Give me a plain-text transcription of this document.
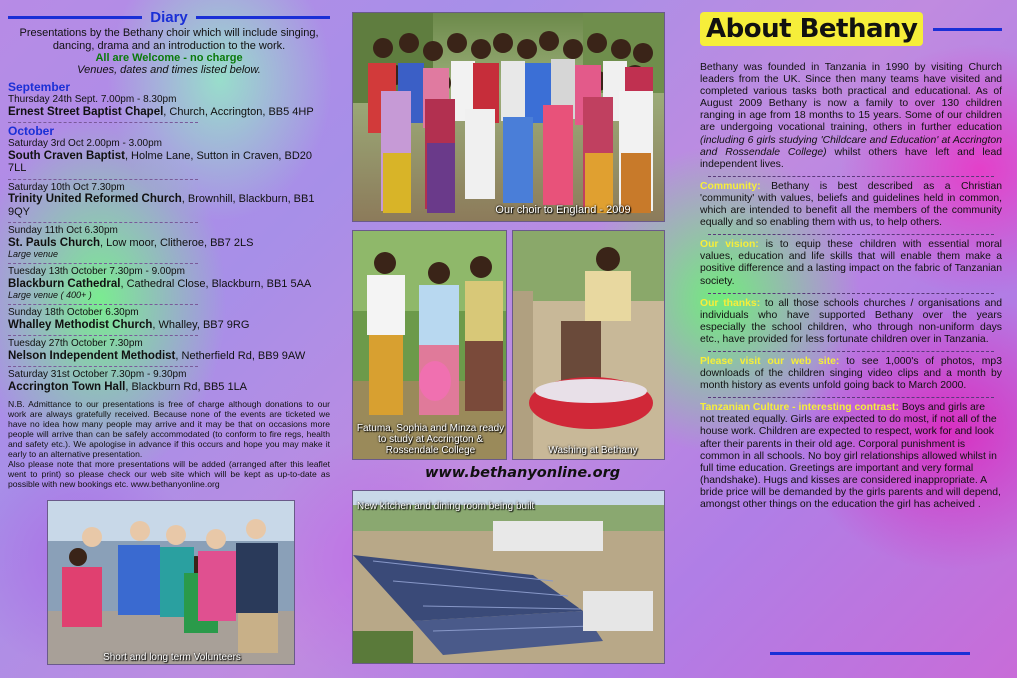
Diary
Presentations by the Bethany choir which will include singing, dancing, drama and an introduction to the work.
All are Welcome - no charge
Venues, dates and times listed below.
September
Thursday 24th Sept. 7.00pm - 8.30pm
Ernest Street Baptist Chapel, Church, Accrington, BB5 4HP
October
Saturday 3rd Oct 2.00pm - 3.00pm
South Craven Baptist, Holme Lane, Sutton in Craven, BD20 7LL
Saturday 10th Oct 7.30pm
Trinity United Reformed Church, Brownhill, Blackburn, BB1 9QY
Sunday 11th Oct 6.30pm
St. Pauls Church, Low moor, Clitheroe, BB7 2LS
Large venue
Tuesday 13th October 7.30pm - 9.00pm
Blackburn Cathedral, Cathedral Close, Blackburn, BB1 5AA
Large venue ( 400+ )
Sunday 18th October 6.30pm
Whalley Methodist Church, Whalley, BB7 9RG
Tuesday 27th October 7.30pm
Nelson Independent Methodist, Netherfield Rd, BB9 9AW
Saturday 31st October 7.30pm - 9.30pm
Accrington Town Hall, Blackburn Rd, BB5 1LA
N.B. Admittance to our presentations is free of charge although donations to our work are always gratefully received. Because none of the events are ticketed we have no idea how many people may arrive and it may be that on occasions more people will arrive than can be safely accommodated (to conform to fire regs, health and safety etc.). We apologise in advance if this occurs and hope you may make it early to an alternative presentation.
Also please note that more presentations will be added (arranged after this leaflet went to print) so please check our web site which will be kept as up-to-date as possible with new bookings etc. www.bethanyonline.org
Our choir to England - 2009
Fatuma, Sophia and Minza ready to study at Accrington & Rossendale College	Washing at Bethany
www.bethanyonline.org
New kitchen and dining room being built
Short and long term Volunteers
About Bethany
Bethany was founded in Tanzania in 1990 by visiting Church leaders from the UK. Since then many teams have visited and completed various tasks both practical and educational. As of August 2009 Bethany is now a family to over 130 children ranging in age from 18 months to 15 years. Some of our children are undergoing vocational training, others in further education (including 6 girls studying 'Childcare and Education' at Accrington and Rossendale College) whilst others have left and lead independent lives.
Community: Bethany is best described as a Christian 'community' with values, beliefs and guidelines held in common, which are intended to benefit all the members of the community equally and so enabling them with us, to help others.
Our vision: is to equip these children with essential moral values, education and life skills that will enable them make a positive difference and a lasting impact on the fabric of Tanzanian society.
Our thanks: to all those schools churches / organisations and individuals who have supported Bethany over the years especially the school children, who through non-uniform days etc., have provided for less fortunate children over in Tanzania.
Please visit our web site: to see 1,000's of photos, mp3 downloads of the children singing video clips and a month by month history as events unfold going back to March 2000.
Tanzanian Culture - interesting contrast: Boys and girls are not treated equally. Girls are expected to do most, if not all of the house work. Children are expected to respect, work for and look after their parents in their old age. Corporal punishment is common in all schools. No boy girl relationships allowed whilst in full time education. Greetings are important and very formal (handshake). Hugs and kisses are considered inappropriate. A bride price will be demanded by the girls parents and will depend, amongst other things on the education the girl has acheived .
